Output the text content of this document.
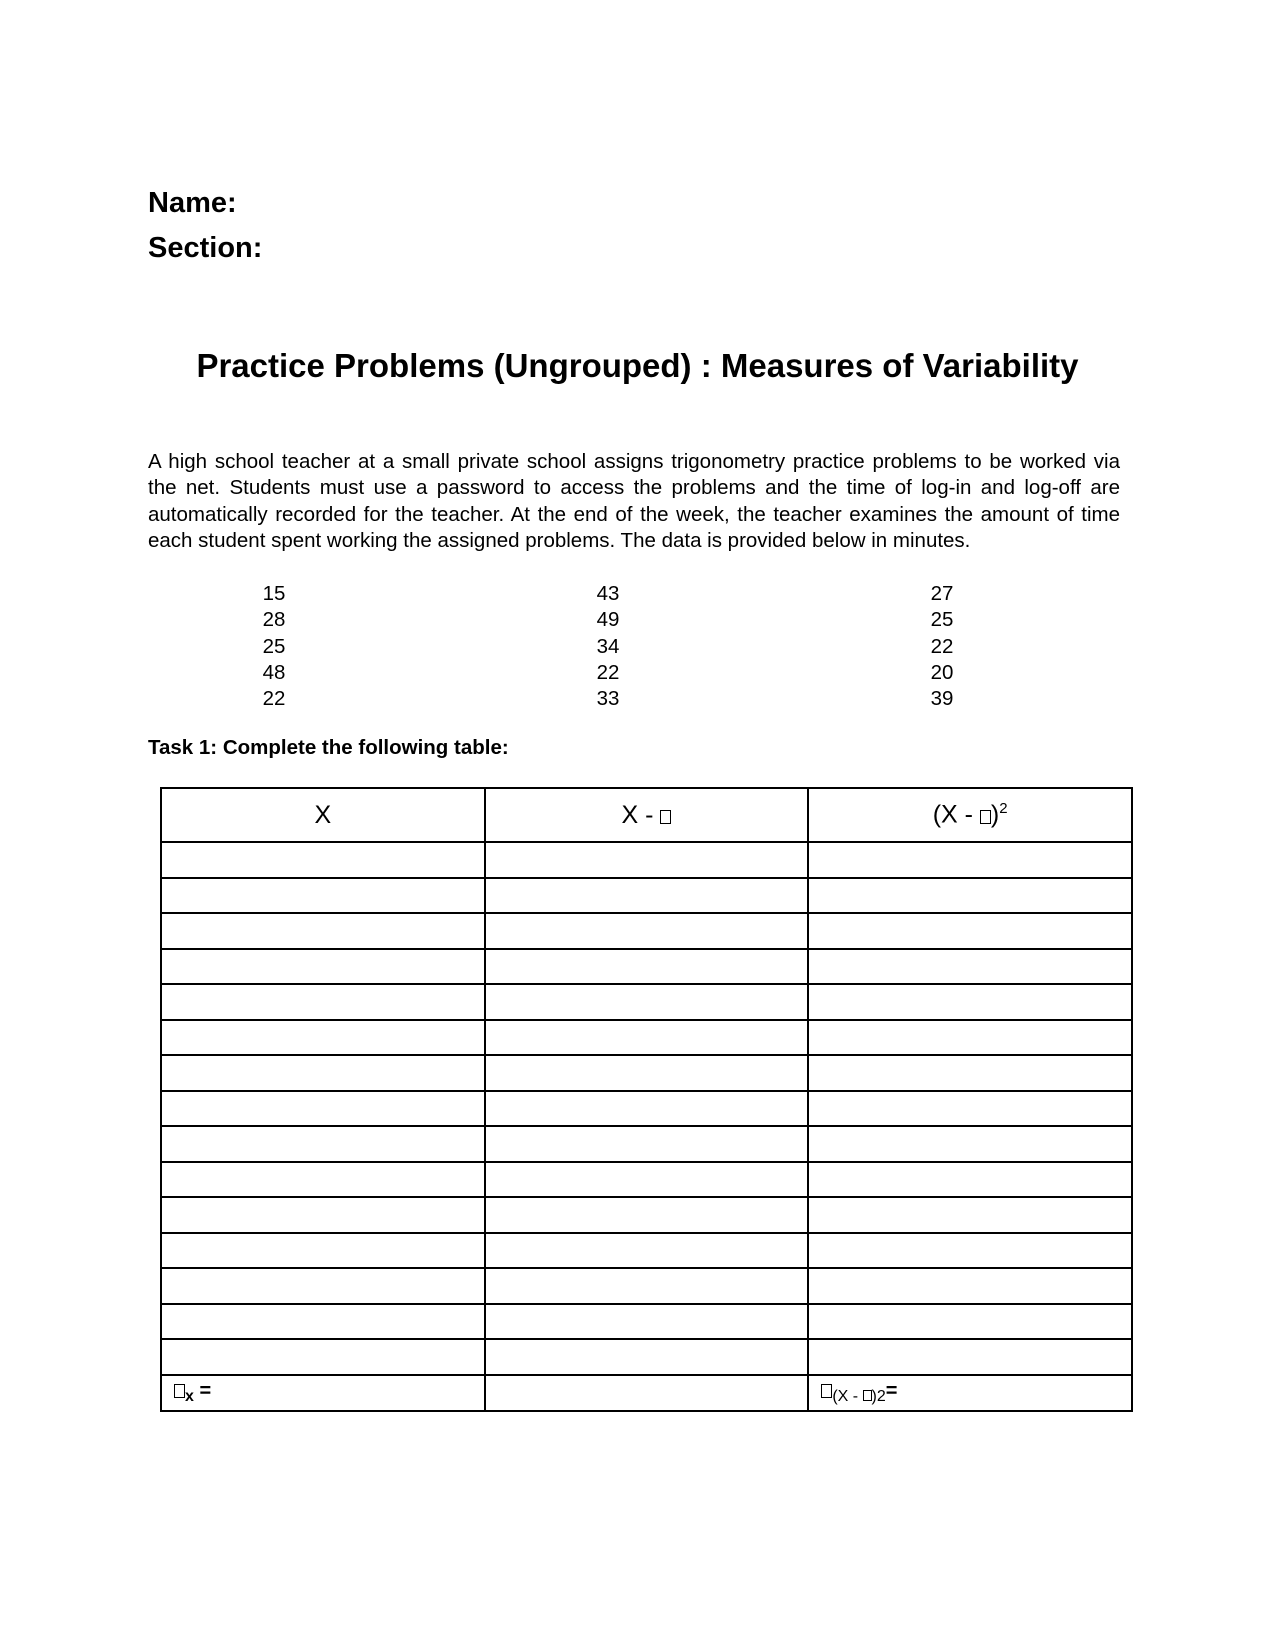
Name:

Section:

Practice Problems (Ungrouped) : Measures of Variability

A high school teacher at a small private school assigns trigonometry practice problems to be worked via the net. Students must use a password to access the problems and the time of log-in and log-off are automatically recorded for the teacher. At the end of the week, the teacher examines the amount of time each student spent working the assigned problems. The data is provided below in minutes.

15	43	27
28	49	25
25	34	22
48	22	20
22	33	39

Task 1: Complete the following table:

X	X -	(X - )$^2$

$_x$ =		$_{(X -}$ $_{)2}$=
